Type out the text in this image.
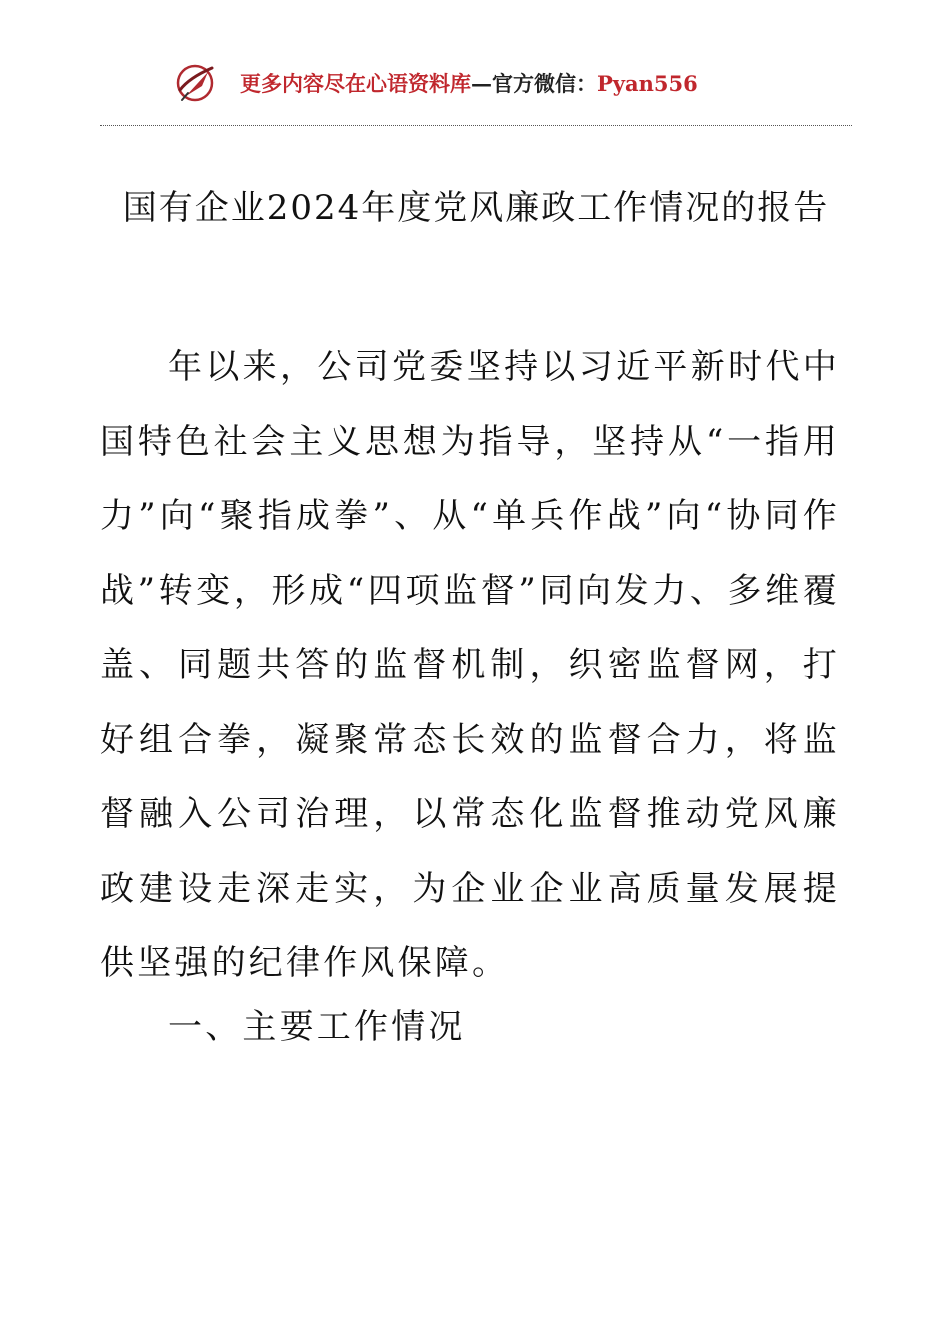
更多内容尽在心语资料库—官方微信：Pyan556
国有企业2024年度党风廉政工作情况的报告

年以来，公司党委坚持以习近平新时代中国特色社会主义思想为指导，坚持从“一指用力”向“聚指成拳”、从“单兵作战”向“协同作战”转变，形成“四项监督”同向发力、多维覆盖、同题共答的监督机制，织密监督网，打好组合拳，凝聚常态长效的监督合力，将监督融入公司治理，以常态化监督推动党风廉政建设走深走实，为企业企业高质量发展提供坚强的纪律作风保障。

一、主要工作情况
